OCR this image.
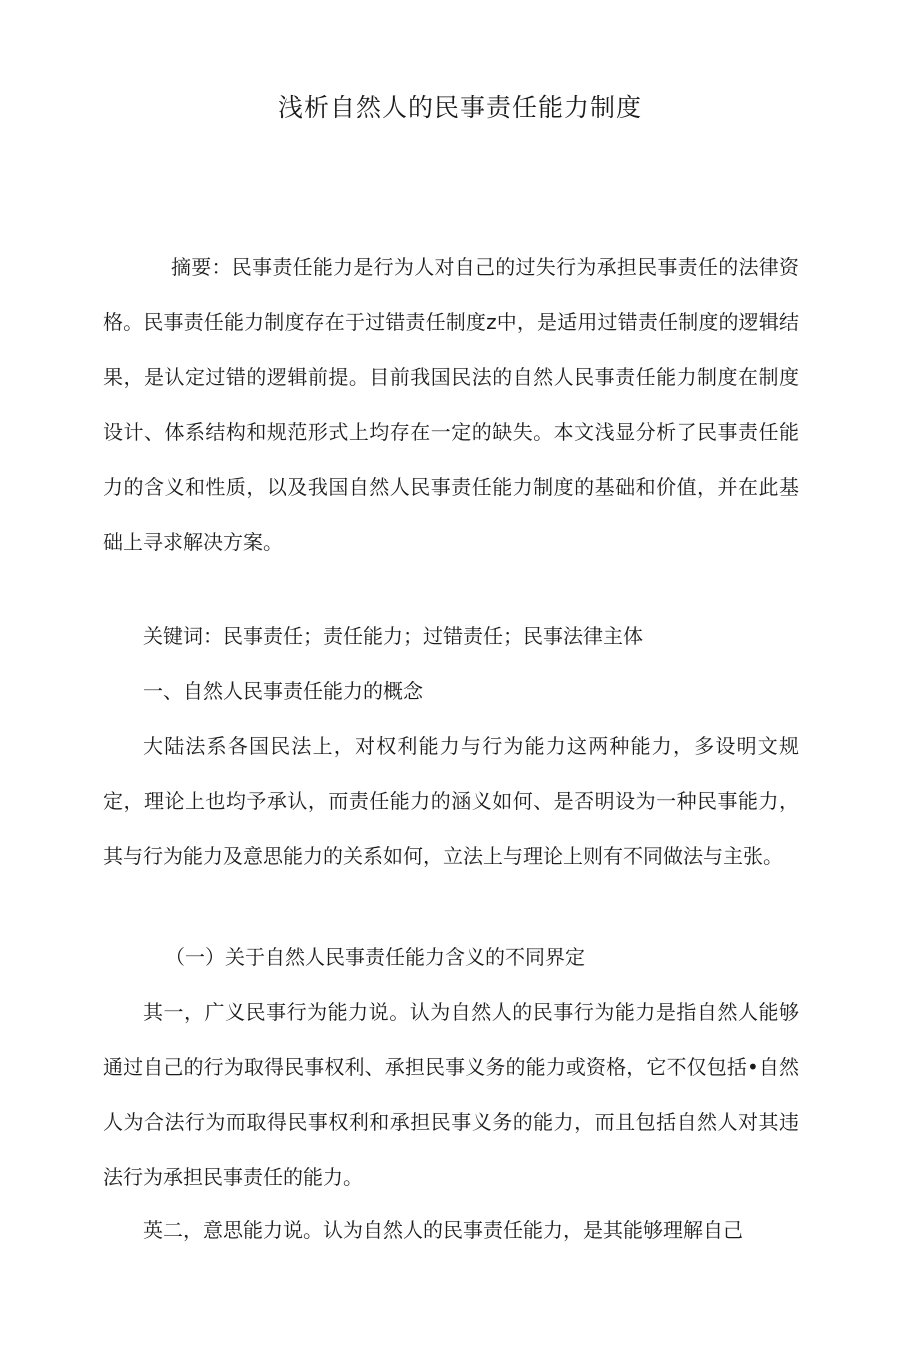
浅析自然人的民事责任能力制度

摘要：民事责任能力是行为人对自己的过失行为承担民事责任的法律资格。民事责任能力制度存在于过错责任制度z中，是适用过错责任制度的逻辑结果，是认定过错的逻辑前提。目前我国民法的自然人民事责任能力制度在制度设计、体系结构和规范形式上均存在一定的缺失。本文浅显分析了民事责任能力的含义和性质，以及我国自然人民事责任能力制度的基础和价值，并在此基础上寻求解决方案。

关键词：民事责任；责任能力；过错责任；民事法律主体

一、自然人民事责任能力的概念

大陆法系各国民法上，对权利能力与行为能力这两种能力，多设明文规定，理论上也均予承认，而责任能力的涵义如何、是否明设为一种民事能力，其与行为能力及意思能力的关系如何，立法上与理论上则有不同做法与主张。

（一）关于自然人民事责任能力含义的不同界定

其一，广义民事行为能力说。认为自然人的民事行为能力是指自然人能够通过自己的行为取得民事权利、承担民事义务的能力或资格，它不仅包括•自然人为合法行为而取得民事权利和承担民事义务的能力，而且包括自然人对其违法行为承担民事责任的能力。

英二，意思能力说。认为自然人的民事责任能力，是其能够理解自己
